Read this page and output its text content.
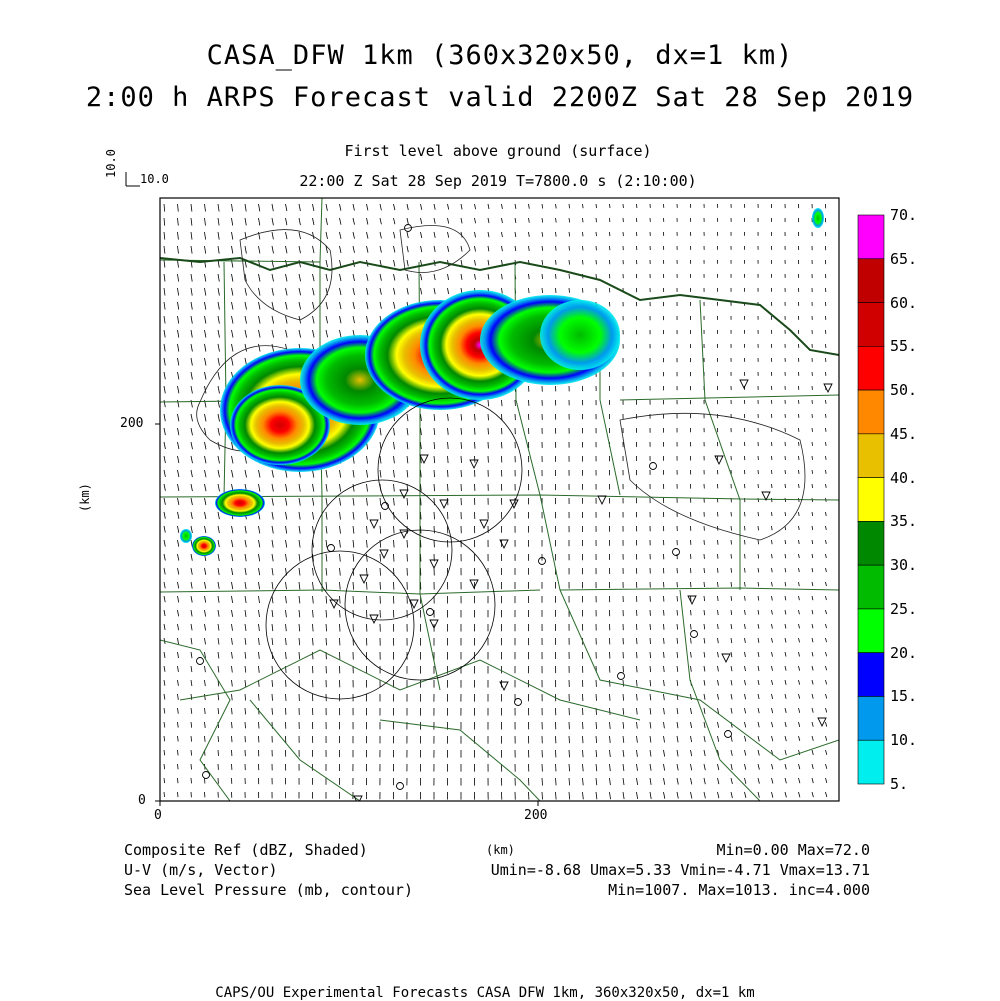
CASA_DFW 1km (360x320x50, dx=1 km)
2:00 h ARPS Forecast valid 2200Z Sat 28 Sep 2019
First level above ground (surface)
22:00 Z Sat 28 Sep 2019 T=7800.0 s (2:10:00)
10.0
10.0
(km)
200
0
0	200
70.
65.
60.
55.
50.
45.
40.
35.
30.
25.
20.
15.
10.
5.

Composite Ref (dBZ, Shaded)

U-V (m/s, Vector)

Sea Level Pressure (mb, contour)

(km)	Min=0.00 Max=72.0

Umin=-8.68 Umax=5.33 Vmin=-4.71 Vmax=13.71

Min=1007. Max=1013. inc=4.000

CAPS/OU Experimental Forecasts CASA DFW 1km, 360x320x50, dx=1 km
